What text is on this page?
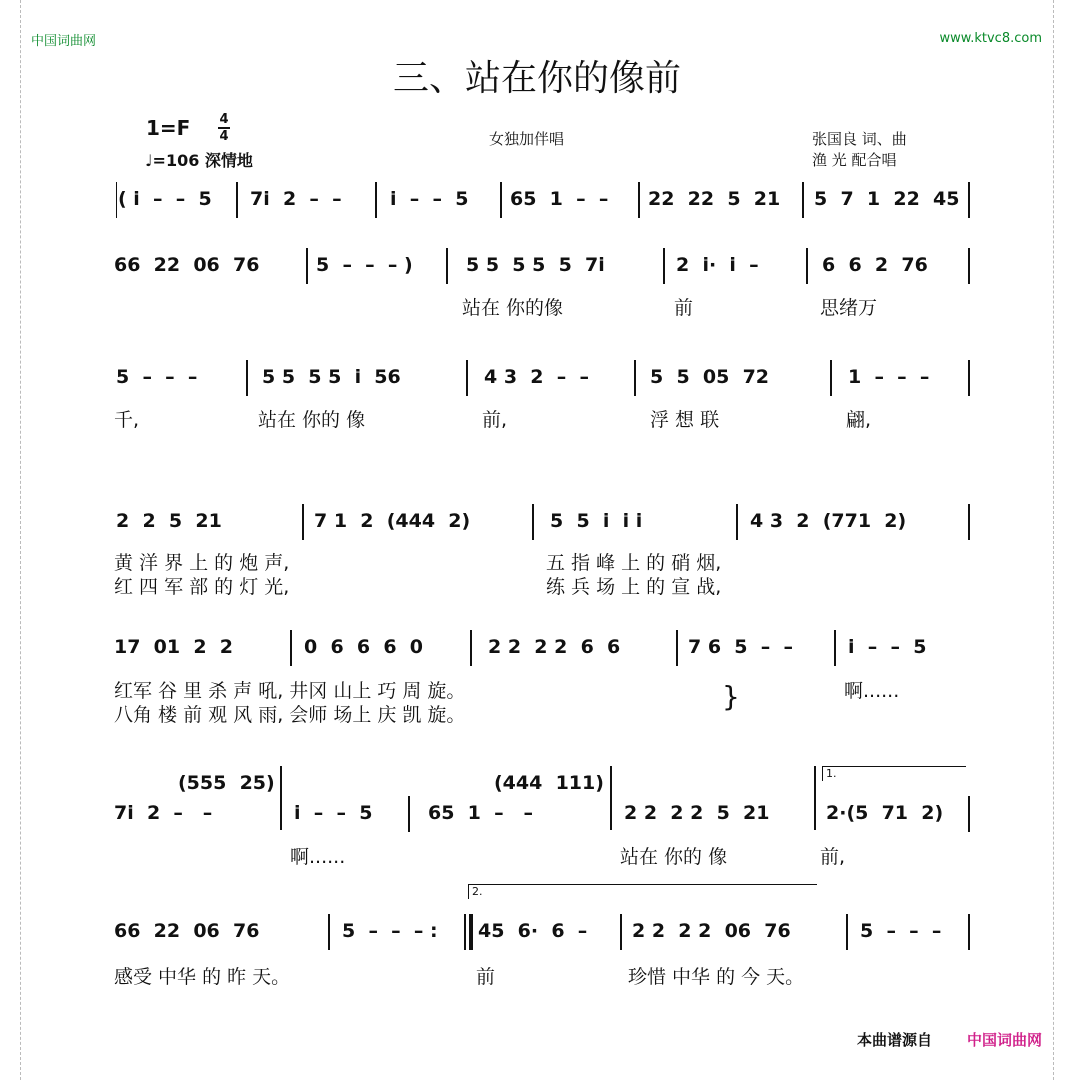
中国词曲网	www.ktvc8.com
三、站在你的像前
1=F 4
4
♩=106 深情地
女独加伴唱	张国良 词、曲
渔 光 配合唱
( i  –  –  5 7i  2  –  –	i  –  –  5 65  1  –  – 22  22  5  21 5  7  1  22  45
66  22  06  76	5  –  –  – )	5 5  5 5  5  7i	2  i·  i  –	6  6  2  76
站在 你的像	前	思绪万
5  –  –  –	5 5  5 5  i  56	4 3  2  –  –	5  5  05  72	1  –  –  –
千,	站在 你的 像	前,	浮 想 联	翩,
2  2  5  21	7 1  2  (444  2)	5  5  i  i i	4 3  2  (771  2)
黄 洋 界 上 的 炮 声,	五 指 峰 上 的 硝 烟,
红 四 军 部 的 灯 光,	练 兵 场 上 的 宣 战,
17  01  2  2	0  6  6  6  0	2 2  2 2  6  6	7 6  5  –  –	i  –  –  5
红军 谷 里 杀 声 吼, 井冈 山上 巧 周 旋。	啊......
八角 楼 前 观 风 雨, 会师 场上 庆 凯 旋。
}
7i  2  –   –
(555  25)
i  –  –  5	65  1  –   –
(444  111)
2 2  2 2  5  21	2·(5  71  2)
1.
啊......	站在 你的 像	前,
66  22  06  76	5  –  –  – : 45  6·  6  – 2 2  2 2  06  76	5  –  –  –
2.
感受 中华 的 昨 天。	前	珍惜 中华 的 今 天。
本曲谱源自 中国词曲网
